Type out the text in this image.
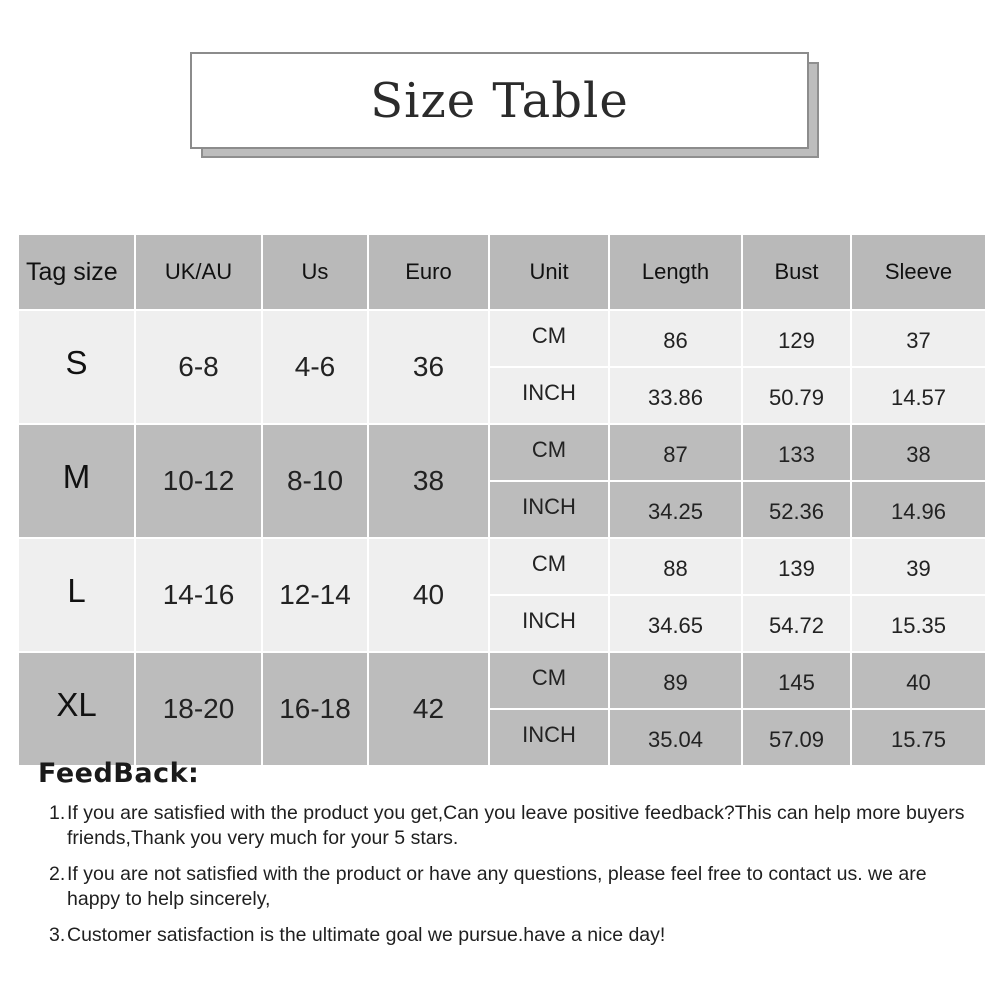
Size Table
Tag size	UK/AU	Us	Euro	Unit	Length	Bust	Sleeve
S	6-8	4-6	36	CM	86	129	37
				INCH	33.86	50.79	14.57
M	10-12	8-10	38	CM	87	133	38
				INCH	34.25	52.36	14.96
L	14-16	12-14	40	CM	88	139	39
				INCH	34.65	54.72	15.35
XL	18-20	16-18	42	CM	89	145	40
				INCH	35.04	57.09	15.75
FeedBack:
1. If you are satisfied with the product you get,Can you leave positive feedback?This can help more buyers friends,Thank you very much for your 5 stars.
2. If you are not satisfied with the product or have any questions, please feel free to contact us. we are happy to help sincerely,
3. Customer satisfaction is the ultimate goal we pursue.have a nice day!
